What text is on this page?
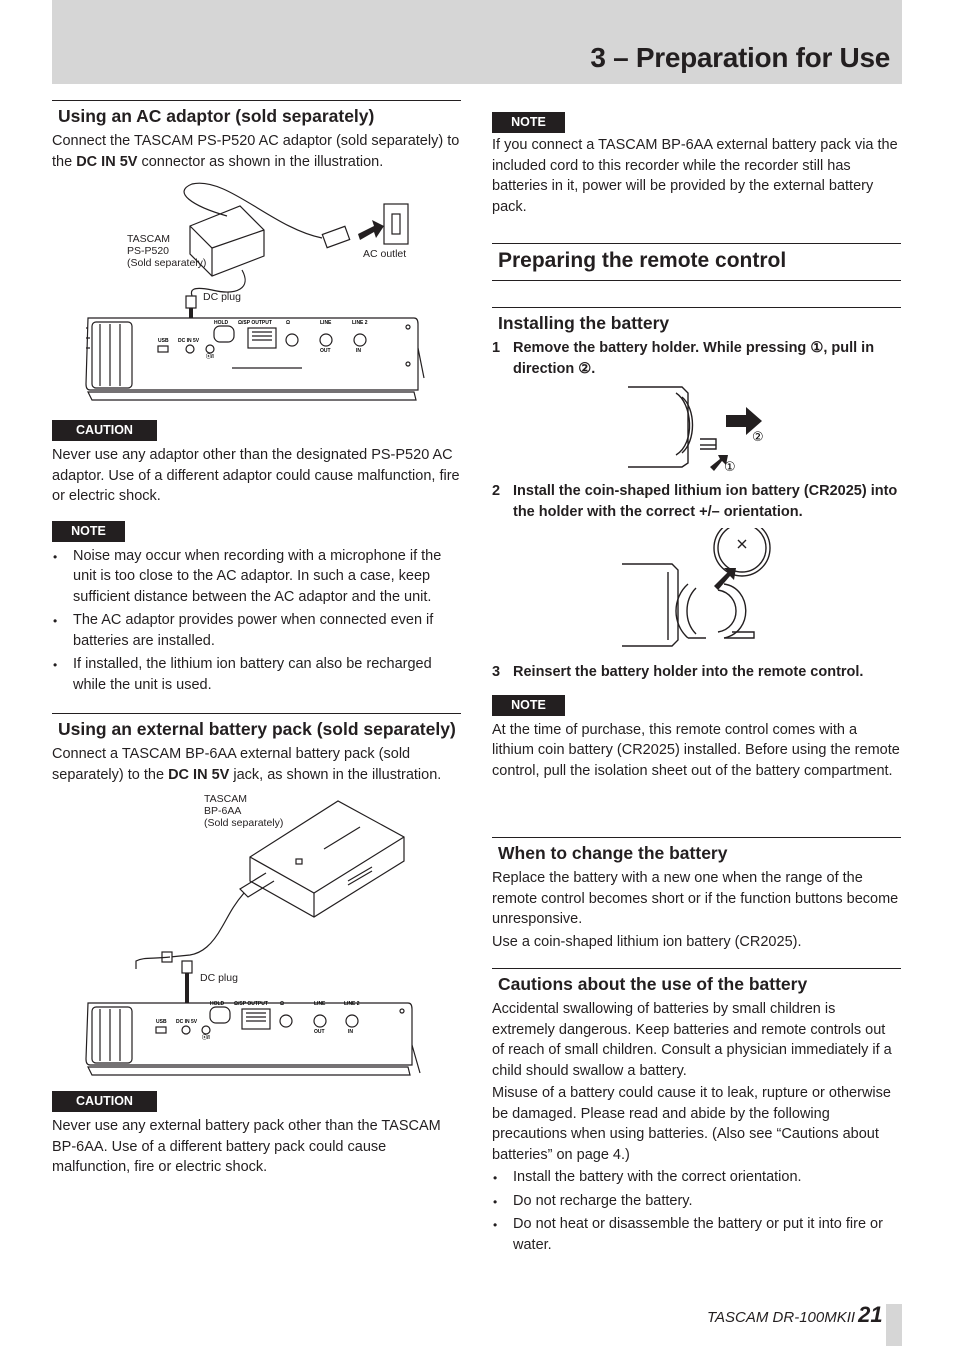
3 – Preparation for Use
Using an AC adaptor (sold separately)

Connect the TASCAM PS-P520 AC adaptor (sold separately) to the DC IN 5V connector as shown in the illustration.

HOLD Ω/SP OUTPUT	Ω	LINE	LINE 2
USB DC IN 5V
OUT	IN
ⓢ/I
TASCAM
PS-P520
(Sold separately)
AC outlet
DC plug
CAUTION

Never use any adaptor other than the designated PS-P520 AC adaptor. Use of a different adaptor could cause malfunction, fire or electric shock.

NOTE
• Noise may occur when recording with a microphone if the unit is too close to the AC adaptor. In such a case, keep sufficient distance between the AC adaptor and the unit.
• The AC adaptor provides power when connected even if batteries are installed.
• If installed, the lithium ion battery can also be recharged while the unit is used.
Using an external battery pack (sold separately)

Connect a TASCAM BP-6AA external battery pack (sold separately) to the DC IN 5V jack, as shown in the illustration.

HOLD Ω/SP OUTPUT Ω	LINE	LINE 2
USB DC IN 5V
OUT	IN
ⓢ/I
TASCAM
BP-6AA
(Sold separately)
DC plug
CAUTION

Never use any external battery pack other than the TASCAM BP-6AA. Use of a different battery pack could cause malfunction, fire or electric shock.

NOTE

If you connect a TASCAM BP-6AA external battery pack via the included cord to this recorder while the recorder still has batteries in it, power will be provided by the external battery pack.

Preparing the remote control
Installing the battery
1 Remove the battery holder. While pressing ①, pull in direction ②.
②
①
2 Install the coin-shaped lithium ion battery (CR2025) into the holder with the correct +/– orientation.
3 Reinsert the battery holder into the remote control.
NOTE

At the time of purchase, this remote control comes with a lithium coin battery (CR2025) installed. Before using the remote control, pull the isolation sheet out of the battery compartment.

When to change the battery

Replace the battery with a new one when the range of the remote control becomes short or if the function buttons become unresponsive.

Use a coin-shaped lithium ion battery (CR2025).

Cautions about the use of the battery

Accidental swallowing of batteries by small children is extremely dangerous. Keep batteries and remote controls out of reach of small children. Consult a physician immediately if a child should swallow a battery.

Misuse of a battery could cause it to leak, rupture or otherwise be damaged. Please read and abide by the following precautions when using batteries. (Also see “Cautions about batteries” on page 4.)

• Install the battery with the correct orientation.
• Do not recharge the battery.
• Do not heat or disassemble the battery or put it into fire or water.
TASCAM DR-100MKII 21
